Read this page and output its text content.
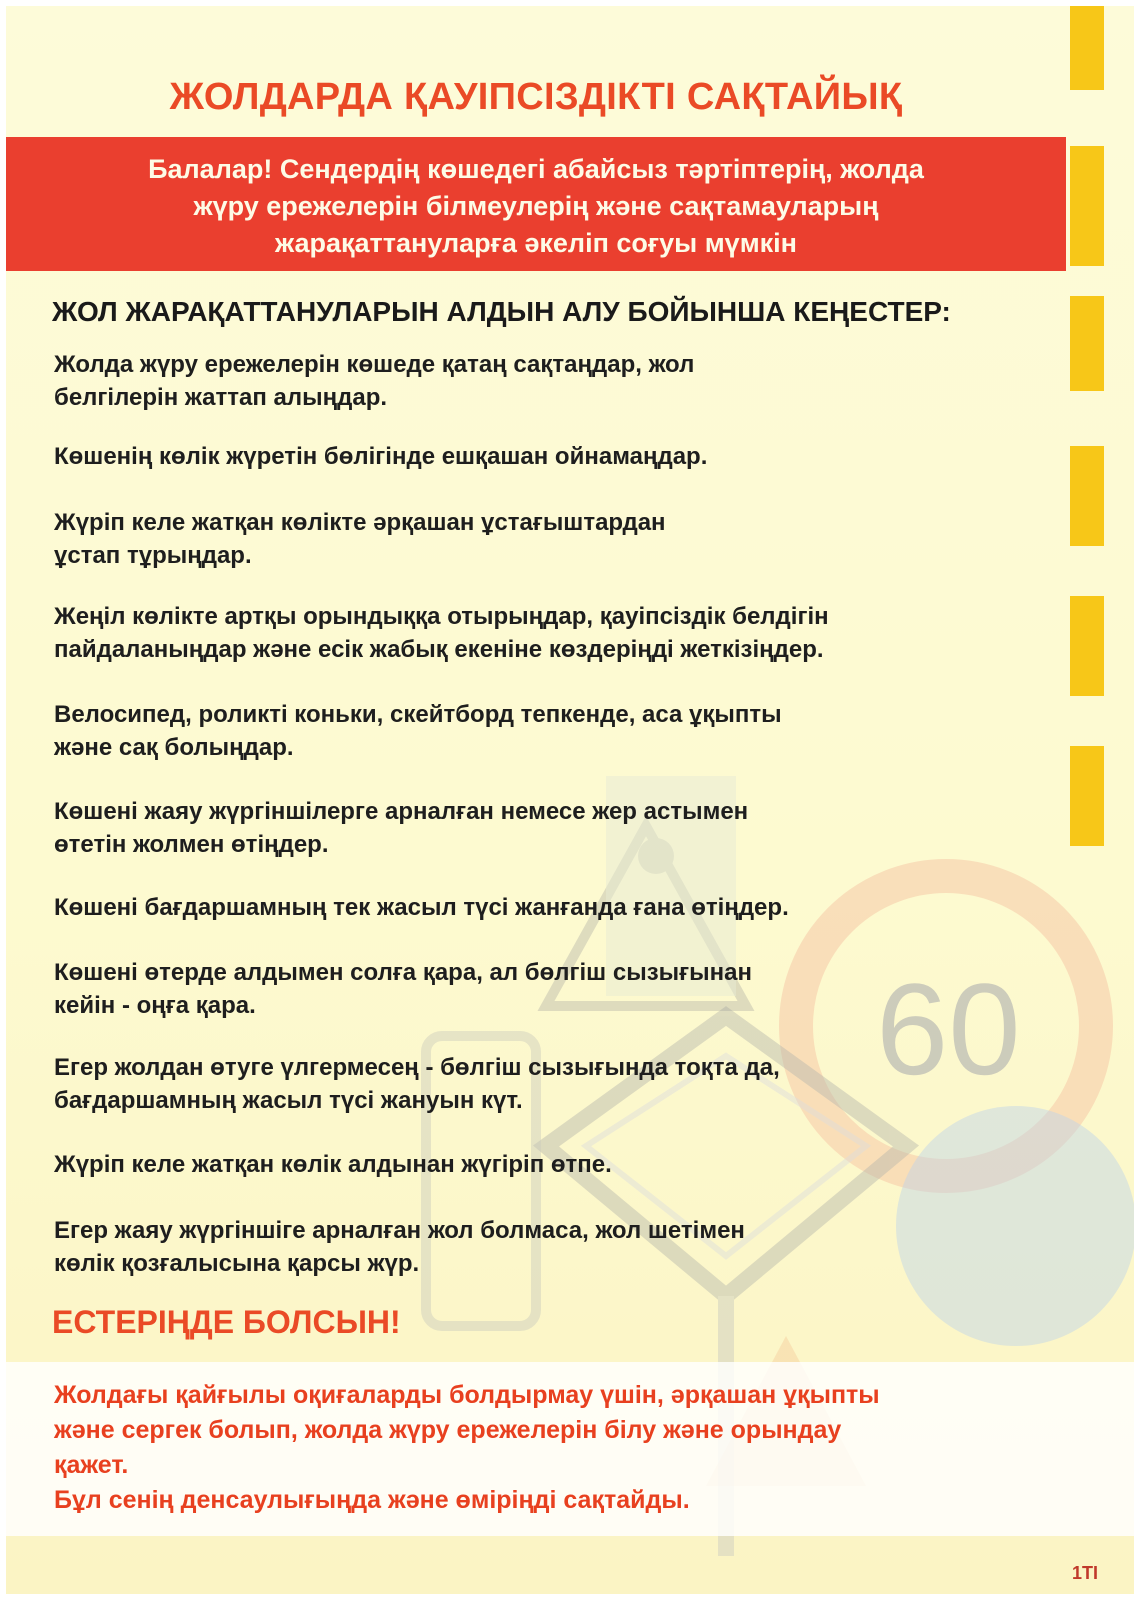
60
ЖОЛДАРДА ҚАУІПСІЗДІКТІ САҚТАЙЫҚ
Балалар! Сендердің көшедегі абайсыз тәртіптерің, жолда
жүру ережелерін білмеулерің және сақтамауларың
жарақаттануларға әкеліп соғуы мүмкін
ЖОЛ ЖАРАҚАТТАНУЛАРЫН АЛДЫН АЛУ БОЙЫНША КЕҢЕСТЕР:
Жолда жүру ережелерін көшеде қатаң сақтаңдар, жол
белгілерін жаттап алыңдар.
Көшенің көлік жүретін бөлігінде ешқашан ойнамаңдар.
Жүріп келе жатқан көлікте әрқашан ұстағыштардан
ұстап тұрыңдар.
Жеңіл көлікте артқы орындыққа отырыңдар, қауіпсіздік белдігін
пайдаланыңдар және есік жабық екеніне көздеріңді жеткізіңдер.
Велосипед, роликті коньки, скейтборд тепкенде, аса ұқыпты
және сақ болыңдар.
Көшені жаяу жүргіншілерге арналған немесе жер астымен
өтетін жолмен өтіңдер.
Көшені бағдаршамның тек жасыл түсі жанғанда ғана өтіңдер.
Көшені өтерде алдымен солға қара, ал бөлгіш сызығынан
кейін - оңға қара.
Егер жолдан өтуге үлгермесең - бөлгіш сызығында тоқта да,
бағдаршамның жасыл түсі жануын күт.
Жүріп келе жатқан көлік алдынан жүгіріп өтпе.
Егер жаяу жүргіншіге арналған жол болмаса, жол шетімен
көлік қозғалысына қарсы жүр.
ЕСТЕРІҢДЕ БОЛСЫН!
Жолдағы қайғылы оқиғаларды болдырмау үшін, әрқашан ұқыпты
және сергек болып, жолда жүру ережелерін білу және орындау
қажет.
Бұл сенің денсаулығыңда және өміріңді сақтайды.
1ТІ
